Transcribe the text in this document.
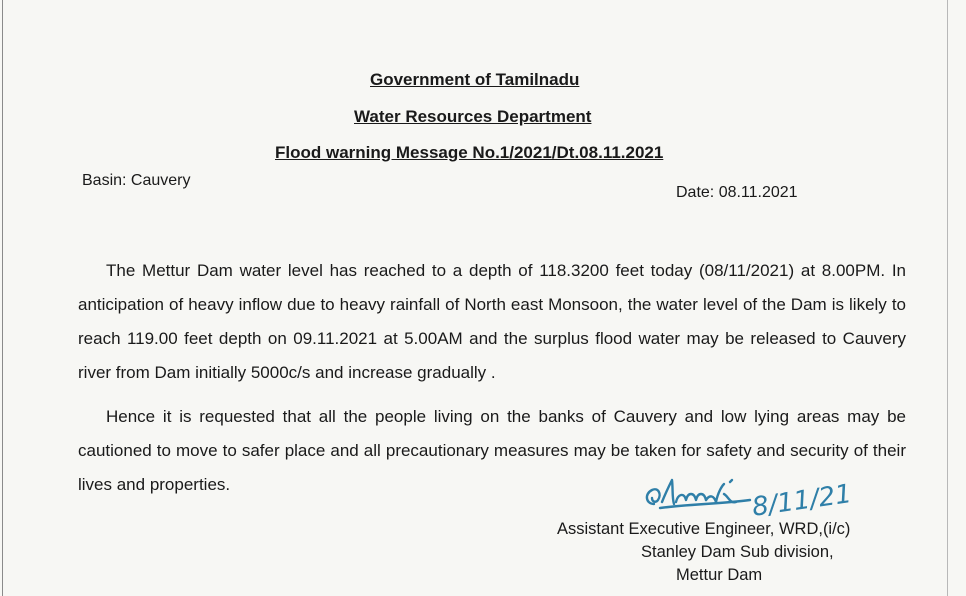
Government of Tamilnadu
Water Resources Department
Flood warning Message No.1/2021/Dt.08.11.2021
Basin: Cauvery
Date: 08.11.2021

The Mettur Dam water level has reached to a depth of 118.3200 feet today (08/11/2021) at 8.00PM. In anticipation of heavy inflow due to heavy rainfall of North east Monsoon, the water level of the Dam is likely to reach 119.00 feet depth on 09.11.2021 at 5.00AM and the surplus flood water may be released to Cauvery river from Dam initially 5000c/s and increase gradually .

Hence it is requested that all the people living on the banks of Cauvery and low lying areas may be cautioned to move to safer place and all precautionary measures may be taken for safety and security of their lives and properties.	8/11/21
Assistant Executive Engineer, WRD,(i/c)
Stanley Dam Sub division,
Mettur Dam
